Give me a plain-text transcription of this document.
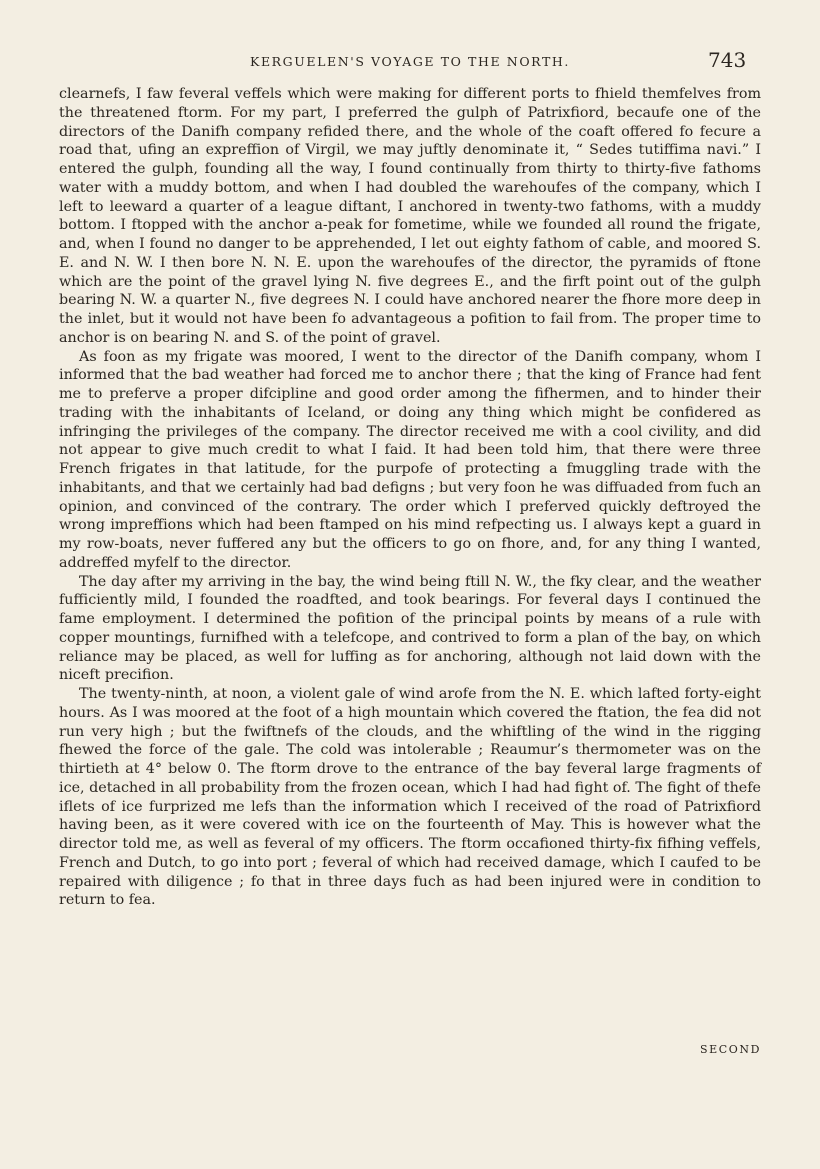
KERGUELEN'S VOYAGE TO THE NORTH.	743

clearnefs, I faw feveral veffels which were making for different ports to fhield themfelves from the threatened ftorm. For my part, I preferred the gulph of Patrixfiord, becaufe one of the directors of the Danifh company refided there, and the whole of the coaft offered fo fecure a road that, ufing an expreffion of Virgil, we may juftly denominate it, “ Sedes tutiffima navi.” I entered the gulph, founding all the way, I found continually from thirty to thirty-five fathoms water with a muddy bottom, and when I had doubled the warehoufes of the company, which I left to leeward a quarter of a league diftant, I anchored in twenty-two fathoms, with a muddy bottom. I ftopped with the anchor a-peak for fometime, while we founded all round the frigate, and, when I found no danger to be apprehended, I let out eighty fathom of cable, and moored S. E. and N. W. I then bore N. N. E. upon the warehoufes of the director, the pyramids of ftone which are the point of the gravel lying N. five degrees E., and the firft point out of the gulph bearing N. W. a quarter N., five degrees N. I could have anchored nearer the fhore more deep in the inlet, but it would not have been fo advantageous a pofition to fail from. The proper time to anchor is on bearing N. and S. of the point of gravel.

As foon as my frigate was moored, I went to the director of the Danifh company, whom I informed that the bad weather had forced me to anchor there ; that the king of France had fent me to preferve a proper difcipline and good order among the fifhermen, and to hinder their trading with the inhabitants of Iceland, or doing any thing which might be confidered as infringing the privileges of the company. The director received me with a cool civility, and did not appear to give much credit to what I faid. It had been told him, that there were three French frigates in that latitude, for the purpofe of protecting a fmuggling trade with the inhabitants, and that we certainly had bad defigns ; but very foon he was diffuaded from fuch an opinion, and convinced of the contrary. The order which I preferved quickly deftroyed the wrong impreffions which had been ftamped on his mind refpecting us. I always kept a guard in my row-boats, never fuffered any but the officers to go on fhore, and, for any thing I wanted, addreffed myfelf to the director.

The day after my arriving in the bay, the wind being ftill N. W., the fky clear, and the weather fufficiently mild, I founded the roadfted, and took bearings. For feveral days I continued the fame employment. I determined the pofition of the principal points by means of a rule with copper mountings, furnifhed with a telefcope, and contrived to form a plan of the bay, on which reliance may be placed, as well for luffing as for anchoring, although not laid down with the niceft precifion.

The twenty-ninth, at noon, a violent gale of wind arofe from the N. E. which lafted forty-eight hours. As I was moored at the foot of a high mountain which covered the ftation, the fea did not run very high ; but the fwiftnefs of the clouds, and the whiftling of the wind in the rigging fhewed the force of the gale. The cold was intolerable ; Reaumur’s thermometer was on the thirtieth at 4° below 0. The ftorm drove to the entrance of the bay feveral large fragments of ice, detached in all probability from the frozen ocean, which I had had fight of. The fight of thefe iflets of ice furprized me lefs than the information which I received of the road of Patrixfiord having been, as it were covered with ice on the fourteenth of May. This is however what the director told me, as well as feveral of my officers. The ftorm occafioned thirty-fix fifhing veffels, French and Dutch, to go into port ; feveral of which had received damage, which I caufed to be repaired with diligence ; fo that in three days fuch as had been injured were in condition to return to fea.

SECOND
